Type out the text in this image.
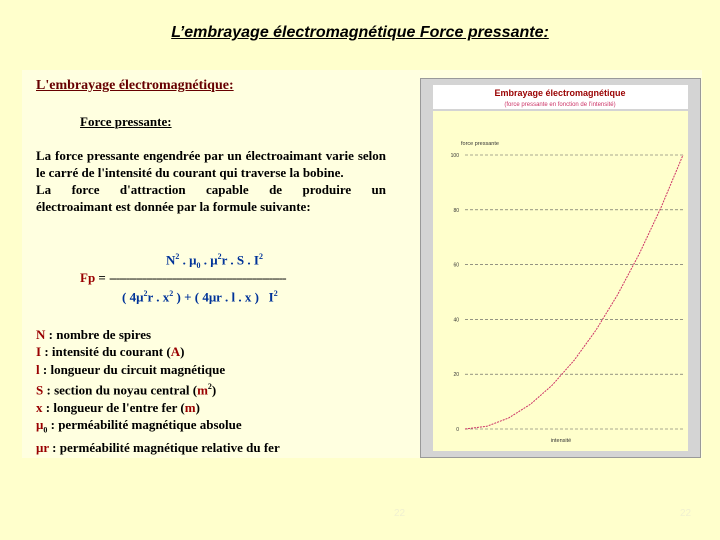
L’embrayage électromagnétique Force pressante:
L'embrayage électromagnétique:
Force pressante:

La force pressante engendrée par un électroaimant varie selon le carré de l'intensité du courant qui traverse la bobine.

La force d'attraction capable de produire un

électroaimant est donnée par la formule suivante:

$N^2$ . $\mu_0$ . $\mu^2r$ . S . $I^2$
Fp = -----------------------------------------------------
( $4\mu^2r$ . $x^2$ ) + ( 4μr . l . x ) $I^2$
N : nombre de spires
I : intensité du courant (A)
l : longueur du circuit magnétique
S : section du noyau central $(m^2)$
x : longueur de l'entre fer (m)
$\mu_0$ : perméabilité magnétique absolue
μr : perméabilité magnétique relative du fer
Embrayage électromagnétique
(force pressante en fonction de l'intensité)
force pressante
intensité
0
20
40
60
80
100
22	22
